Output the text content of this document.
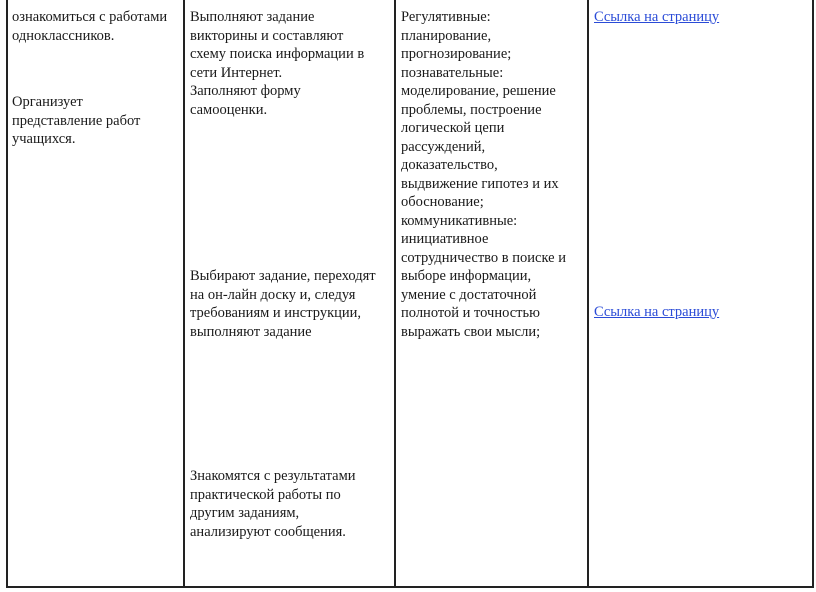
ознакомиться с работами
одноклассников.
Организует
представление работ
учащихся.
Выполняют задание
викторины и составляют
схему поиска информации в
сети Интернет.
Заполняют форму
самооценки.
Выбирают задание, переходят
на он-лайн доску и, следуя
требованиям и инструкции,
выполняют задание
Знакомятся с результатами
практической работы по
другим заданиям,
анализируют сообщения.
Регулятивные:
планирование,
прогнозирование;
познавательные:
моделирование, решение
проблемы, построение
логической цепи
рассуждений,
доказательство,
выдвижение гипотез и их
обоснование;
коммуникативные:
инициативное
сотрудничество в поиске и
выборе информации,
умение с достаточной
полнотой и точностью
выражать свои мысли;
Ссылка на страницу
Ссылка на страницу
